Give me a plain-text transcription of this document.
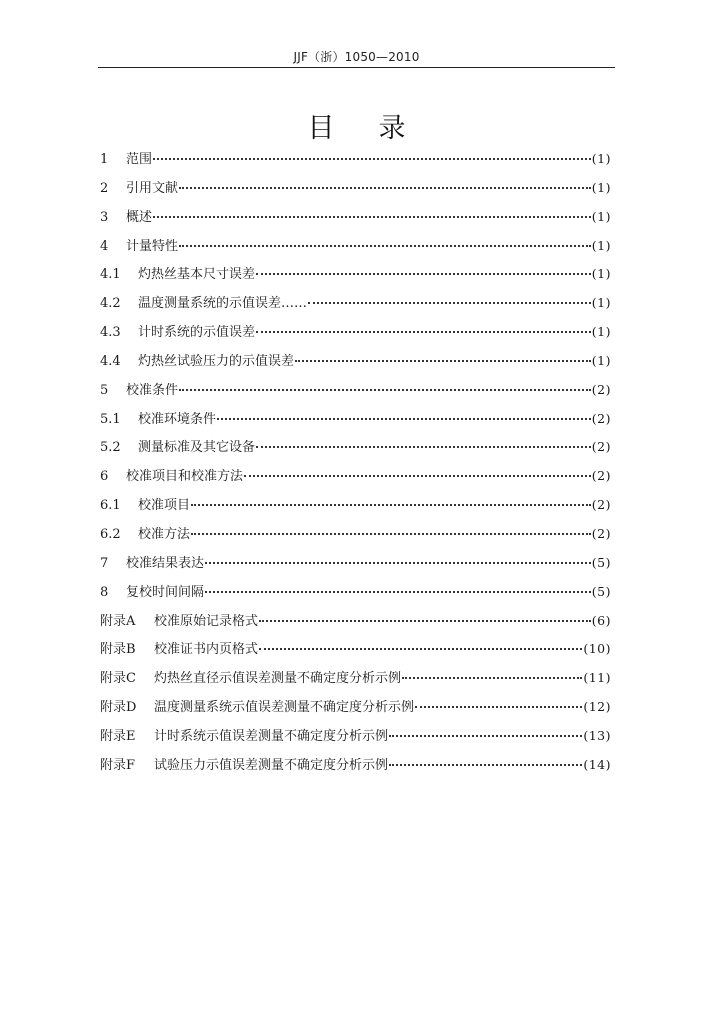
JJF（浙）1050—2010
目录
1	范围	(1)
2	引用文献	(1)
3	概述	(1)
4	计量特性	(1)
4.1	灼热丝基本尺寸误差	(1)
4.2	温度测量系统的示值误差……	(1)
4.3	计时系统的示值误差	(1)
4.4	灼热丝试验压力的示值误差	(1)
5	校准条件	(2)
5.1	校准环境条件	(2)
5.2	测量标准及其它设备	(2)
6	校准项目和校准方法	(2)
6.1	校准项目	(2)
6.2	校准方法	(2)
7	校准结果表达	(5)
8	复校时间间隔	(5)
附录A	校准原始记录格式	(6)
附录B	校准证书内页格式	(10)
附录C	灼热丝直径示值误差测量不确定度分析示例	(11)
附录D	温度测量系统示值误差测量不确定度分析示例	(12)
附录E	计时系统示值误差测量不确定度分析示例	(13)
附录F	试验压力示值误差测量不确定度分析示例	(14)
